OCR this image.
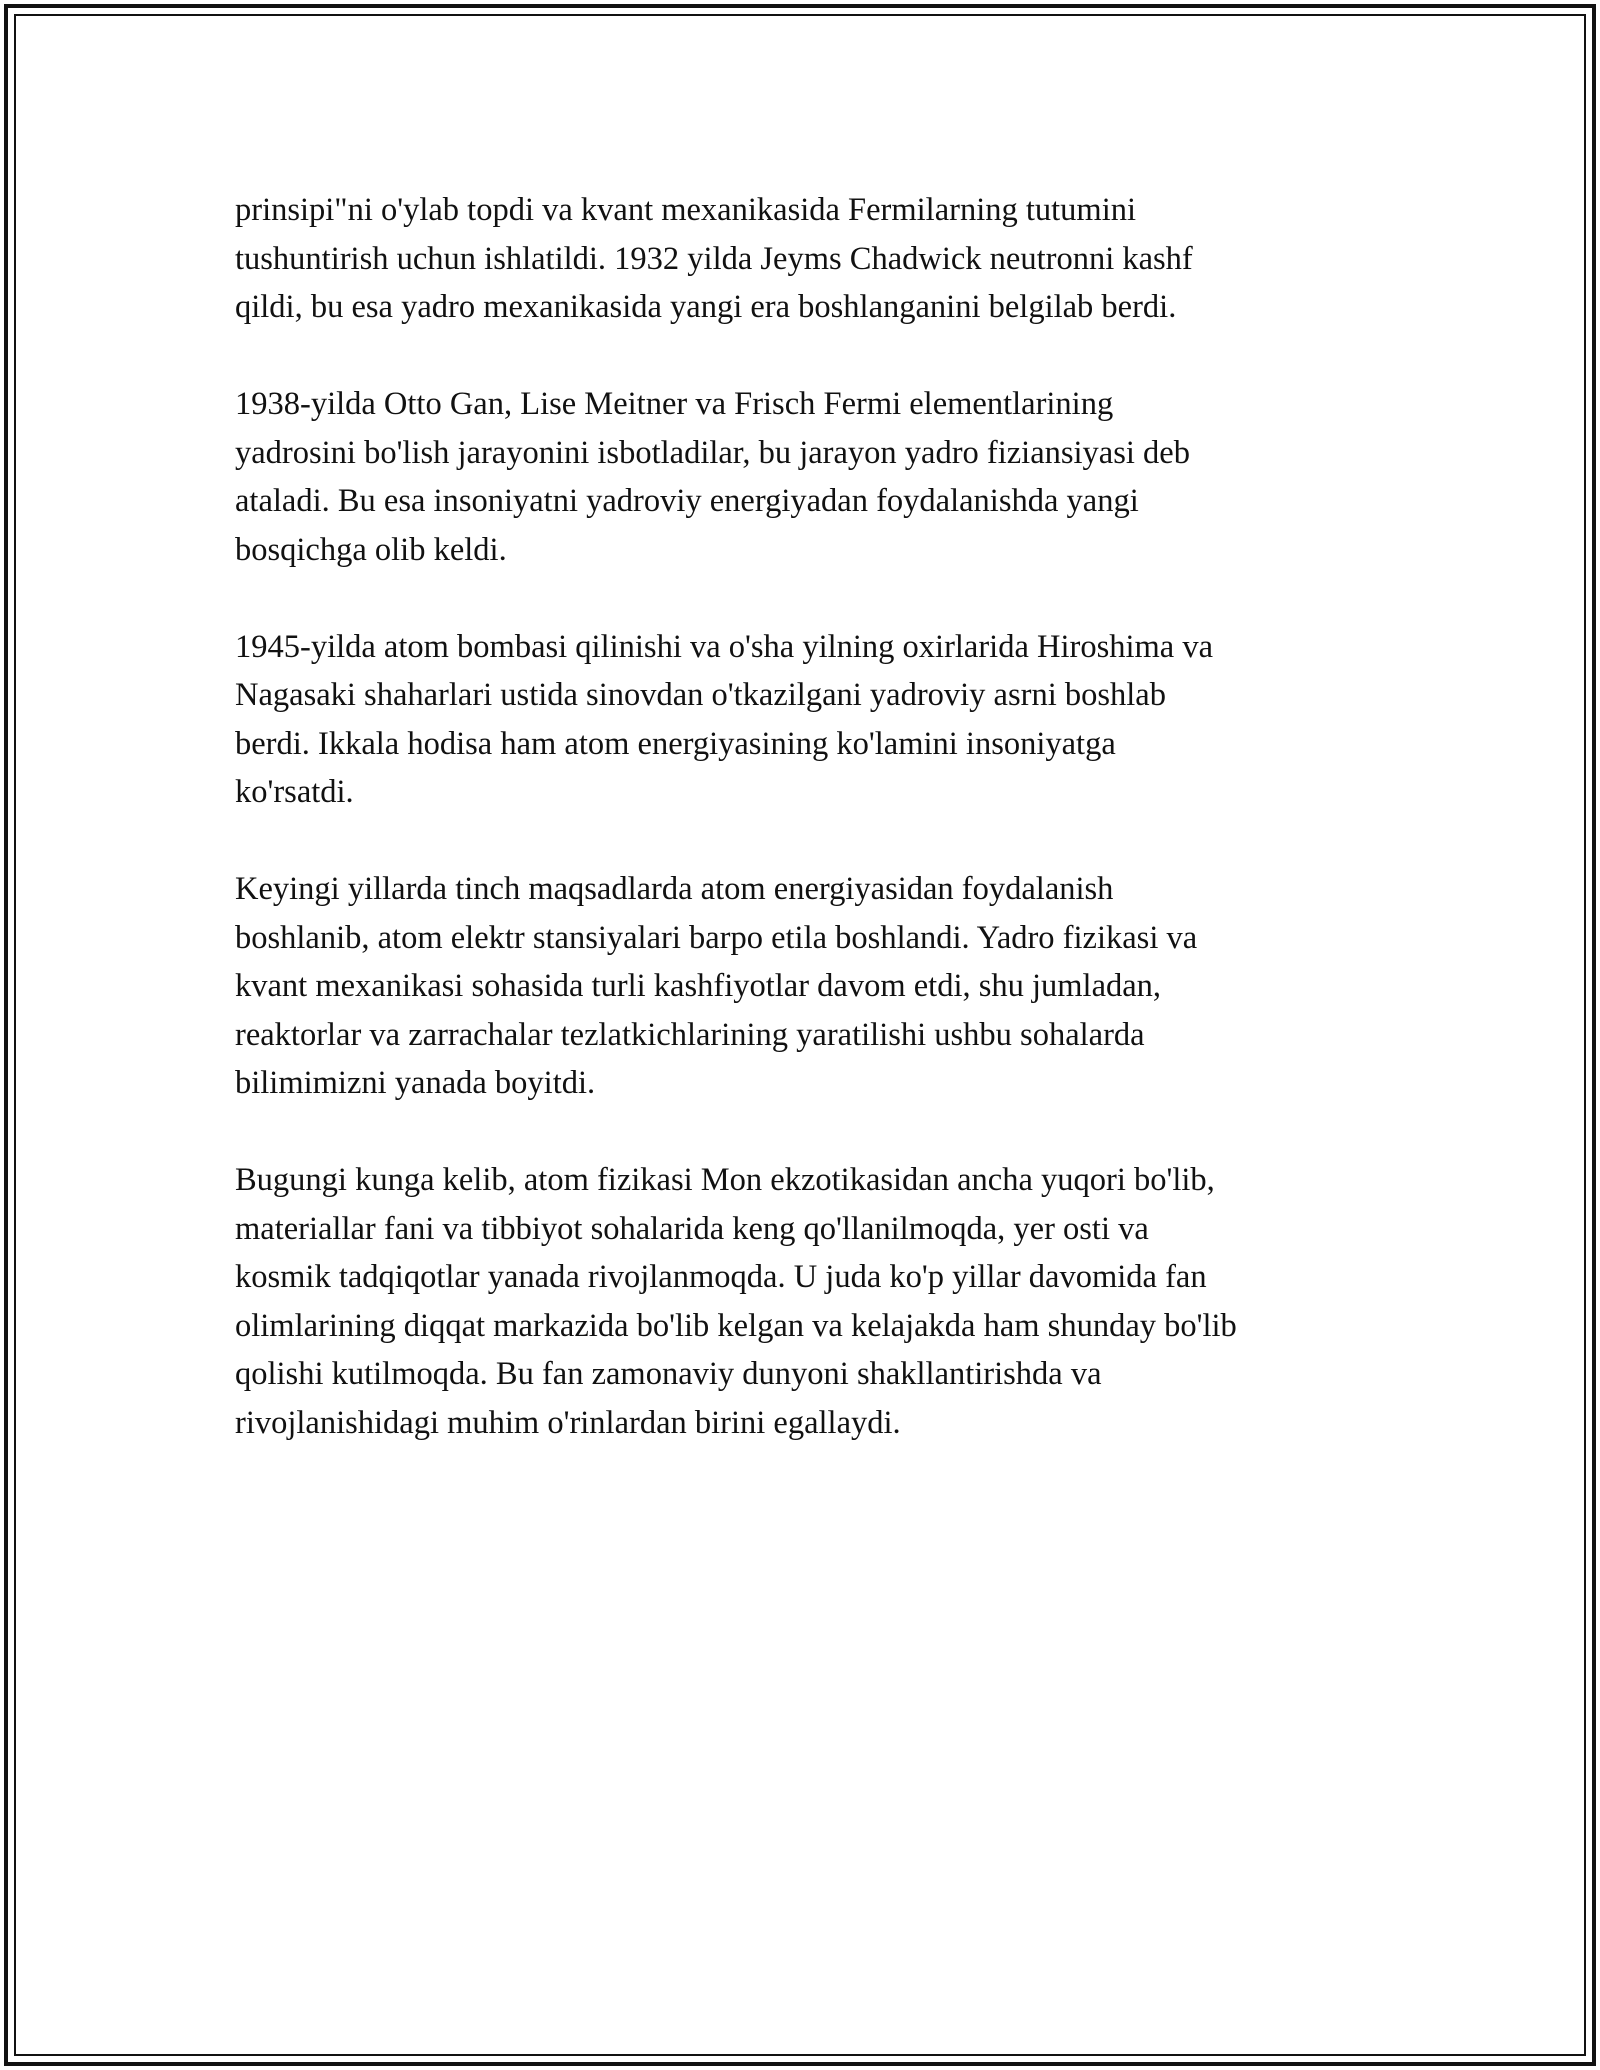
prinsipi"ni o'ylab topdi va kvant mexanikasida Fermilarning tutumini
tushuntirish uchun ishlatildi. 1932 yilda Jeyms Chadwick neutronni kashf
qildi, bu esa yadro mexanikasida yangi era boshlanganini belgilab berdi.

1938-yilda Otto Gan, Lise Meitner va Frisch Fermi elementlarining
yadrosini bo'lish jarayonini isbotladilar, bu jarayon yadro fiziansiyasi deb
ataladi. Bu esa insoniyatni yadroviy energiyadan foydalanishda yangi
bosqichga olib keldi.

1945-yilda atom bombasi qilinishi va o'sha yilning oxirlarida Hiroshima va
Nagasaki shaharlari ustida sinovdan o'tkazilgani yadroviy asrni boshlab
berdi. Ikkala hodisa ham atom energiyasining ko'lamini insoniyatga
ko'rsatdi.

Keyingi yillarda tinch maqsadlarda atom energiyasidan foydalanish
boshlanib, atom elektr stansiyalari barpo etila boshlandi. Yadro fizikasi va
kvant mexanikasi sohasida turli kashfiyotlar davom etdi, shu jumladan,
reaktorlar va zarrachalar tezlatkichlarining yaratilishi ushbu sohalarda
bilimimizni yanada boyitdi.

Bugungi kunga kelib, atom fizikasi Mon ekzotikasidan ancha yuqori bo'lib,
materiallar fani va tibbiyot sohalarida keng qo'llanilmoqda, yer osti va
kosmik tadqiqotlar yanada rivojlanmoqda. U juda ko'p yillar davomida fan
olimlarining diqqat markazida bo'lib kelgan va kelajakda ham shunday bo'lib
qolishi kutilmoqda. Bu fan zamonaviy dunyoni shakllantirishda va
rivojlanishidagi muhim o'rinlardan birini egallaydi.
